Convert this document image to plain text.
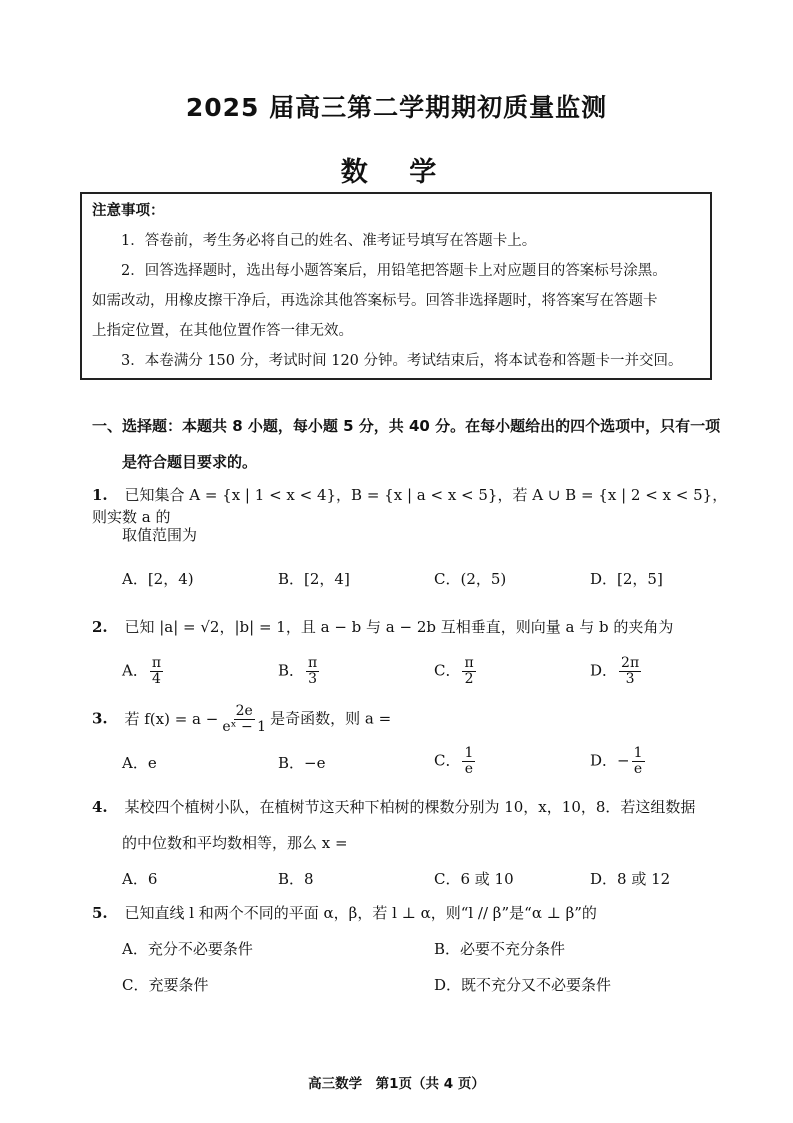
2025 届高三第二学期期初质量监测
数 学
注意事项：
1．答卷前，考生务必将自己的姓名、准考证号填写在答题卡上。
2．回答选择题时，选出每小题答案后，用铅笔把答题卡上对应题目的答案标号涂黑。
如需改动，用橡皮擦干净后，再选涂其他答案标号。回答非选择题时，将答案写在答题卡
上指定位置，在其他位置作答一律无效。
3．本卷满分 150 分，考试时间 120 分钟。考试结束后，将本试卷和答题卡一并交回。
一、选择题：本题共 8 小题，每小题 5 分，共 40 分。在每小题给出的四个选项中，只有一项
是符合题目要求的。
1. 已知集合 A = {x | 1 < x < 4}，B = {x | a < x < 5}，若 A ∪ B = {x | 2 < x < 5}，则实数 a 的
取值范围为
A．[2，4)	B．[2，4]	C．(2，5)	D．[2，5]
2. 已知 |a| = √2，|b| = 1，且 a − b 与 a − 2b 互相垂直，则向量 a 与 b 的夹角为
A． $\frac{\pi}{4}$	B． $\frac{\pi}{3}$	C． $\frac{\pi}{2}$	D． $\frac{2\pi}{3}$
3. 若 $f(x) = a - \frac{2e}{\text{eˣ − 1}}$ 是奇函数，则 a =
A．e	B．−e	C． $\frac{1}{e}$	D．− $\frac{1}{e}$
4. 某校四个植树小队，在植树节这天种下柏树的棵数分别为 10，x，10，8．若这组数据
的中位数和平均数相等，那么 x =
A．6	B．8	C．6 或 10	D．8 或 12
5. 已知直线 l 和两个不同的平面 α，β，若 l ⊥ α，则“l // β”是“α ⊥ β”的
A．充分不必要条件	B．必要不充分条件
C．充要条件	D．既不充分又不必要条件
高三数学　第1页（共 4 页）
